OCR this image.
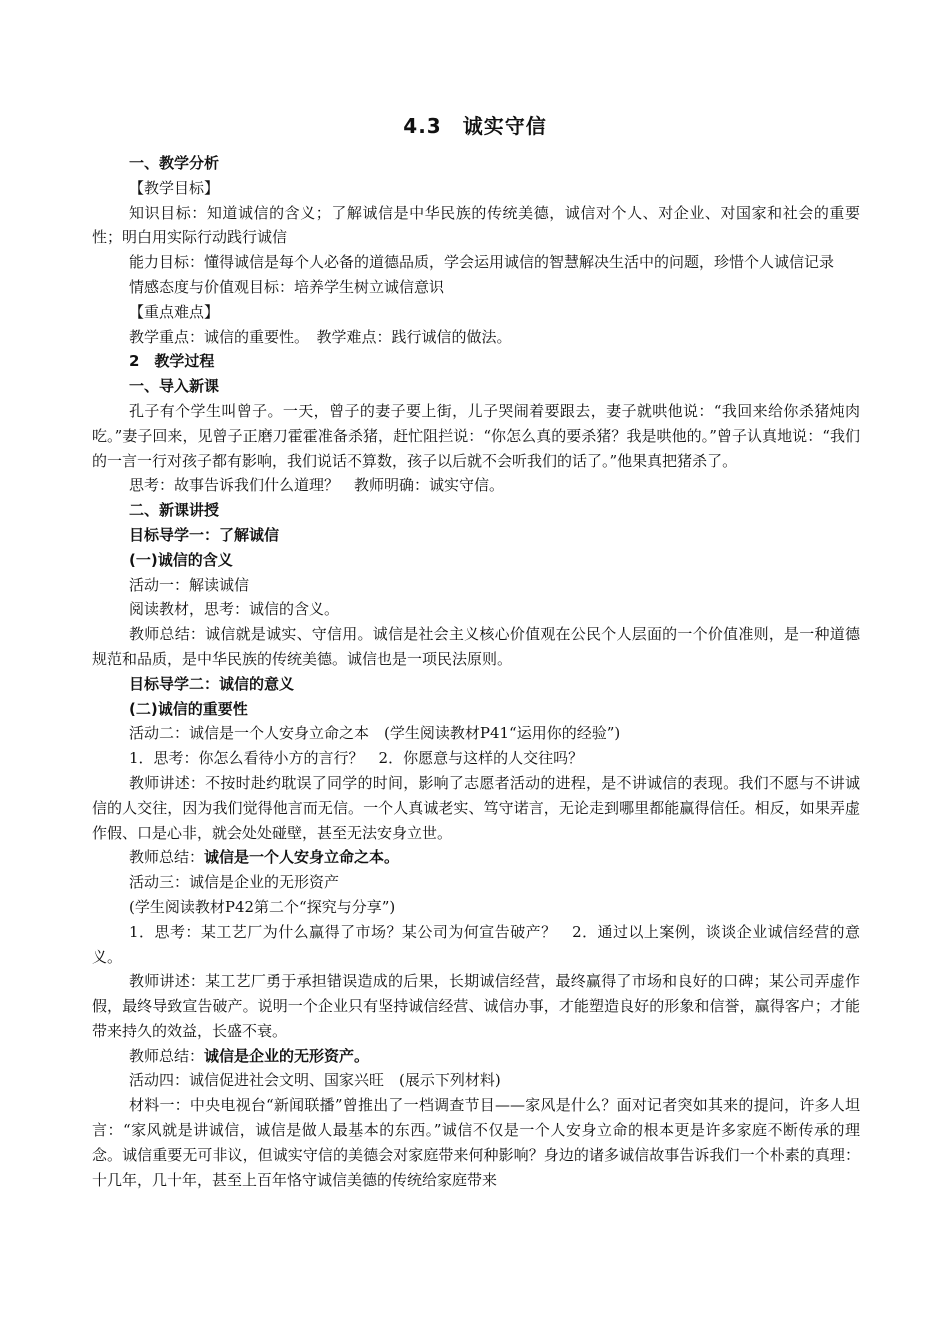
4.3　诚实守信

一、教学分析

【教学目标】

知识目标：知道诚信的含义；了解诚信是中华民族的传统美德，诚信对个人、对企业、对国家和社会的重要性；明白用实际行动践行诚信

能力目标：懂得诚信是每个人必备的道德品质，学会运用诚信的智慧解决生活中的问题，珍惜个人诚信记录

情感态度与价值观目标：培养学生树立诚信意识

【重点难点】

教学重点：诚信的重要性。　教学难点：践行诚信的做法。

2　教学过程

一、导入新课

孔子有个学生叫曾子。一天，曾子的妻子要上街，儿子哭闹着要跟去，妻子就哄他说：“我回来给你杀猪炖肉吃。”妻子回来，见曾子正磨刀霍霍准备杀猪，赶忙阻拦说：“你怎么真的要杀猪？我是哄他的。”曾子认真地说：“我们的一言一行对孩子都有影响，我们说话不算数，孩子以后就不会听我们的话了。”他果真把猪杀了。

思考：故事告诉我们什么道理？　教师明确：诚实守信。

二、新课讲授

目标导学一：了解诚信

(一)诚信的含义

活动一：解读诚信

阅读教材，思考：诚信的含义。

教师总结：诚信就是诚实、守信用。诚信是社会主义核心价值观在公民个人层面的一个价值准则，是一种道德规范和品质，是中华民族的传统美德。诚信也是一项民法原则。

目标导学二：诚信的意义

(二)诚信的重要性

活动二：诚信是一个人安身立命之本　(学生阅读教材P41“运用你的经验”)

1．思考：你怎么看待小方的言行？　2．你愿意与这样的人交往吗？

教师讲述：不按时赴约耽误了同学的时间，影响了志愿者活动的进程，是不讲诚信的表现。我们不愿与不讲诚信的人交往，因为我们觉得他言而无信。一个人真诚老实、笃守诺言，无论走到哪里都能赢得信任。相反，如果弄虚作假、口是心非，就会处处碰壁，甚至无法安身立世。

教师总结：诚信是一个人安身立命之本。

活动三：诚信是企业的无形资产

(学生阅读教材P42第二个“探究与分享”)

1．思考：某工艺厂为什么赢得了市场？某公司为何宣告破产？　2．通过以上案例，谈谈企业诚信经营的意义。

教师讲述：某工艺厂勇于承担错误造成的后果，长期诚信经营，最终赢得了市场和良好的口碑；某公司弄虚作假，最终导致宣告破产。说明一个企业只有坚持诚信经营、诚信办事，才能塑造良好的形象和信誉，赢得客户；才能带来持久的效益，长盛不衰。

教师总结：诚信是企业的无形资产。

活动四：诚信促进社会文明、国家兴旺　(展示下列材料)

材料一：中央电视台“新闻联播”曾推出了一档调查节目——家风是什么？面对记者突如其来的提问，许多人坦言：“家风就是讲诚信，诚信是做人最基本的东西。”诚信不仅是一个人安身立命的根本更是许多家庭不断传承的理念。诚信重要无可非议，但诚实守信的美德会对家庭带来何种影响？身边的诸多诚信故事告诉我们一个朴素的真理：十几年，几十年，甚至上百年恪守诚信美德的传统给家庭带来
